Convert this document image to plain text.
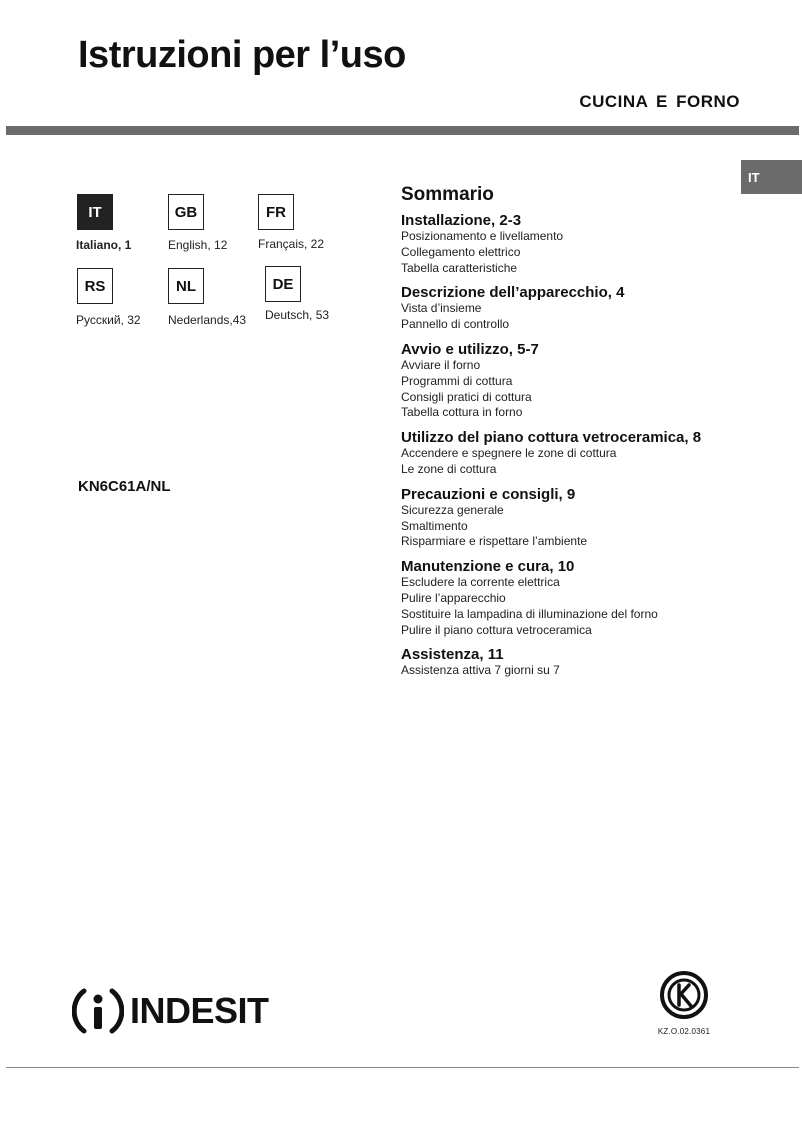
Istruzioni per l’uso
CUCINA E FORNO
IT
IT
Italiano, 1
GB
English, 12
FR
Français, 22
RS
Русский, 32
NL
Nederlands,43
DE
Deutsch, 53
KN6C61A/NL
Sommario
Installazione, 2-3
Posizionamento e livellamento
Collegamento elettrico
Tabella caratteristiche
Descrizione dell’apparecchio, 4
Vista d’insieme
Pannello di controllo
Avvio e utilizzo, 5-7
Avviare il forno
Programmi di cottura
Consigli pratici di cottura
Tabella cottura in forno
Utilizzo del piano cottura vetroceramica, 8
Accendere e spegnere le zone di cottura
Le zone di cottura
Precauzioni e consigli, 9
Sicurezza generale
Smaltimento
Risparmiare e rispettare l’ambiente
Manutenzione e cura, 10
Escludere la corrente elettrica
Pulire l’apparecchio
Sostituire la lampadina di illuminazione del forno
Pulire il piano cottura vetroceramica
Assistenza, 11
Assistenza attiva 7 giorni su 7
INDESIT
KZ.O.02.0361
